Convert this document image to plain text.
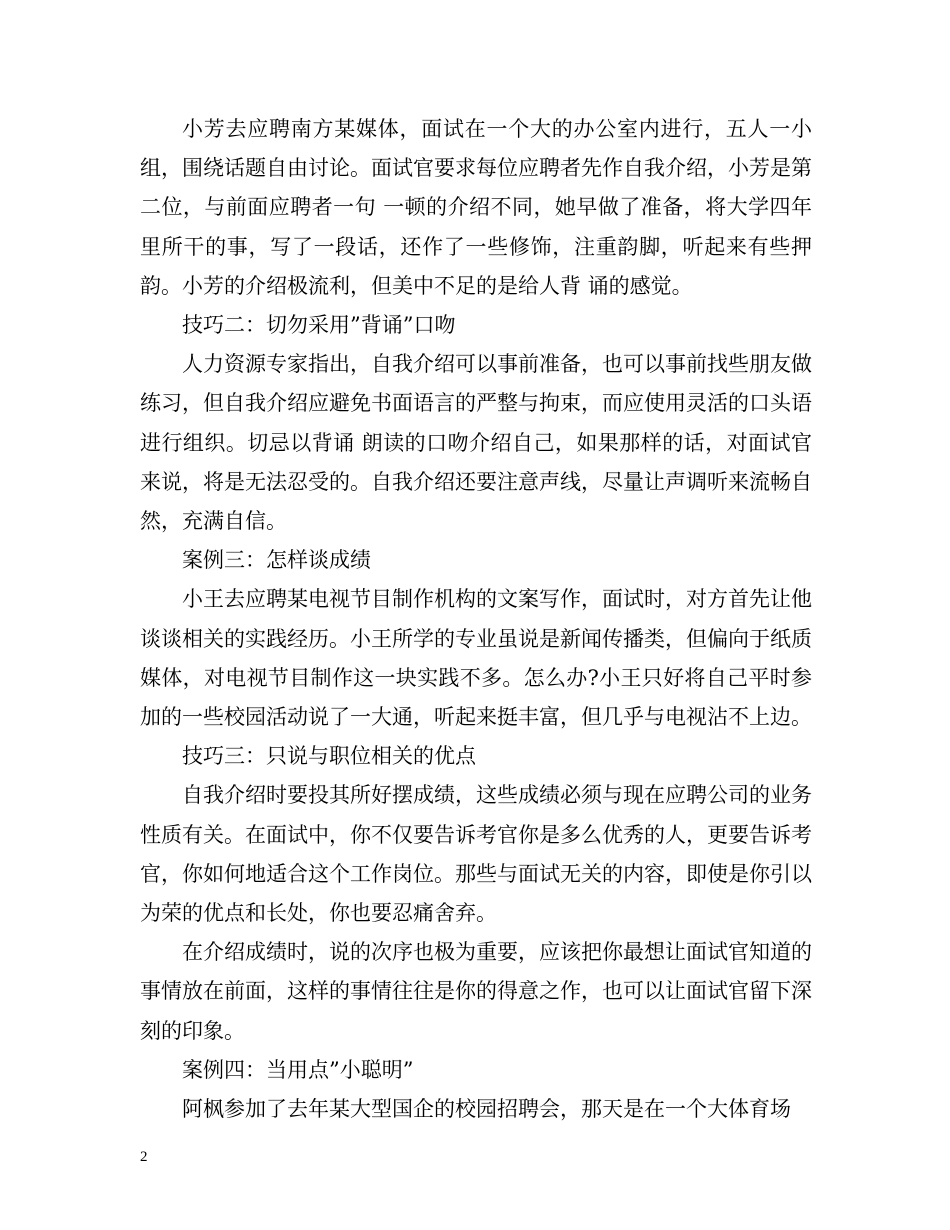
小芳去应聘南方某媒体，面试在一个大的办公室内进行，五人一小组，围绕话题自由讨论。面试官要求每位应聘者先作自我介绍，小芳是第二位，与前面应聘者一句 一顿的介绍不同，她早做了准备，将大学四年里所干的事，写了一段话，还作了一些修饰，注重韵脚，听起来有些押韵。小芳的介绍极流利，但美中不足的是给人背 诵的感觉。

技巧二：切勿采用”背诵”口吻

人力资源专家指出，自我介绍可以事前准备，也可以事前找些朋友做练习，但自我介绍应避免书面语言的严整与拘束，而应使用灵活的口头语进行组织。切忌以背诵 朗读的口吻介绍自己，如果那样的话，对面试官来说，将是无法忍受的。自我介绍还要注意声线，尽量让声调听来流畅自然，充满自信。

案例三：怎样谈成绩

小王去应聘某电视节目制作机构的文案写作，面试时，对方首先让他谈谈相关的实践经历。小王所学的专业虽说是新闻传播类，但偏向于纸质媒体，对电视节目制作这一块实践不多。怎么办?小王只好将自己平时参加的一些校园活动说了一大通，听起来挺丰富，但几乎与电视沾不上边。

技巧三：只说与职位相关的优点

自我介绍时要投其所好摆成绩，这些成绩必须与现在应聘公司的业务性质有关。在面试中，你不仅要告诉考官你是多么优秀的人，更要告诉考官，你如何地适合这个工作岗位。那些与面试无关的内容，即使是你引以为荣的优点和长处，你也要忍痛舍弃。

在介绍成绩时，说的次序也极为重要，应该把你最想让面试官知道的事情放在前面，这样的事情往往是你的得意之作，也可以让面试官留下深刻的印象。

案例四：当用点”小聪明”

阿枫参加了去年某大型国企的校园招聘会，那天是在一个大体育场

2
